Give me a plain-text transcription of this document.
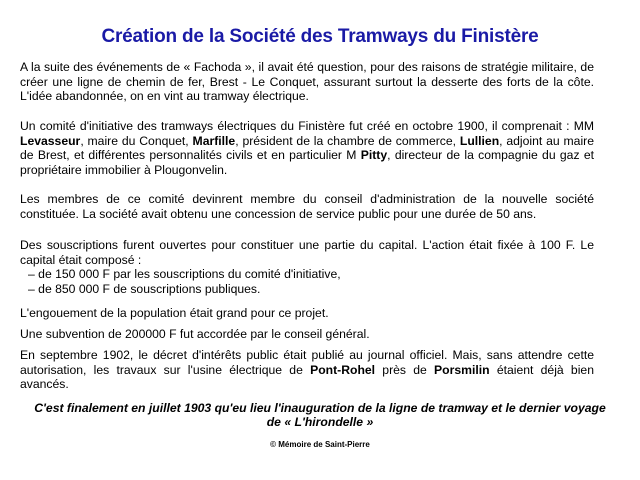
Création de la Société des Tramways du Finistère
A la suite des événements de « Fachoda », il avait été question, pour des raisons de stratégie militaire, de créer une ligne de chemin de fer, Brest - Le Conquet, assurant surtout la desserte des forts de la côte. L'idée abandonnée, on en vint au tramway électrique.
Un comité d'initiative des tramways électriques du Finistère fut créé en octobre 1900, il comprenait : MM Levasseur, maire du Conquet, Marfille, président de la chambre de commerce, Lullien, adjoint au maire de Brest, et différentes personnalités civils et en particulier M Pitty, directeur de la compagnie du gaz et propriétaire immobilier à Plougonvelin.
Les membres de ce comité devinrent membre du conseil d'administration de la nouvelle société constituée. La société avait obtenu une concession de service public pour une durée de 50 ans.
Des souscriptions furent ouvertes pour constituer une partie du capital. L'action était fixée à 100 F. Le capital était composé :
– de 150 000 F par les souscriptions du comité d'initiative,
– de 850 000 F de souscriptions publiques.
L'engouement de la population était grand pour ce projet.
Une subvention de 200000 F fut accordée par le conseil général.
En septembre 1902, le décret d'intérêts public était publié au journal officiel. Mais, sans attendre cette autorisation, les travaux sur l'usine électrique de Pont-Rohel près de Porsmilin étaient déjà bien avancés.
C'est finalement en juillet 1903 qu'eu lieu l'inauguration de la ligne de tramway et le dernier voyage de « L'hirondelle »
© Mémoire de Saint-Pierre
